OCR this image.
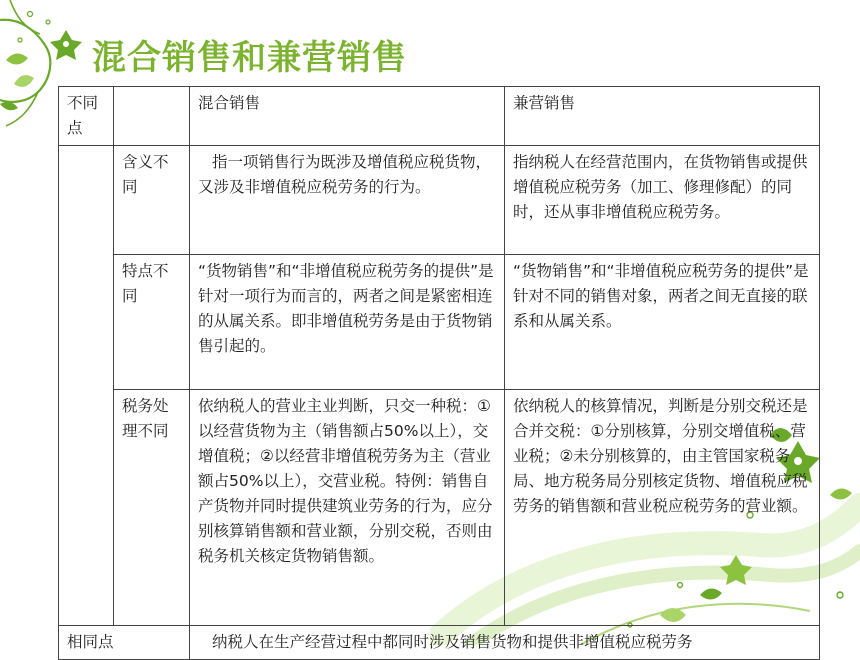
混合销售和兼营销售
不同点		混合销售	兼营销售
	含义不同	指一项销售行为既涉及增值税应税货物，又涉及非增值税应税劳务的行为。	指纳税人在经营范围内，在货物销售或提供增值税应税劳务（加工、修理修配）的同时，还从事非增值税应税劳务。
	特点不同	“货物销售”和“非增值税应税劳务的提供”是针对一项行为而言的，两者之间是紧密相连的从属关系。即非增值税劳务是由于货物销售引起的。	“货物销售”和“非增值税应税劳务的提供”是针对不同的销售对象，两者之间无直接的联系和从属关系。
	税务处理不同	依纳税人的营业主业判断，只交一种税：①以经营货物为主（销售额占50%以上），交增值税；②以经营非增值税劳务为主（营业额占50%以上），交营业税。特例：销售自产货物并同时提供建筑业劳务的行为，应分别核算销售额和营业额，分别交税，否则由税务机关核定货物销售额。	依纳税人的核算情况，判断是分别交税还是合并交税：①分别核算，分别交增值税、营业税；②未分别核算的，由主管国家税务局、地方税务局分别核定货物、增值税应税劳务的销售额和营业税应税劳务的营业额。
相同点		纳税人在生产经营过程中都同时涉及销售货物和提供非增值税应税劳务	
